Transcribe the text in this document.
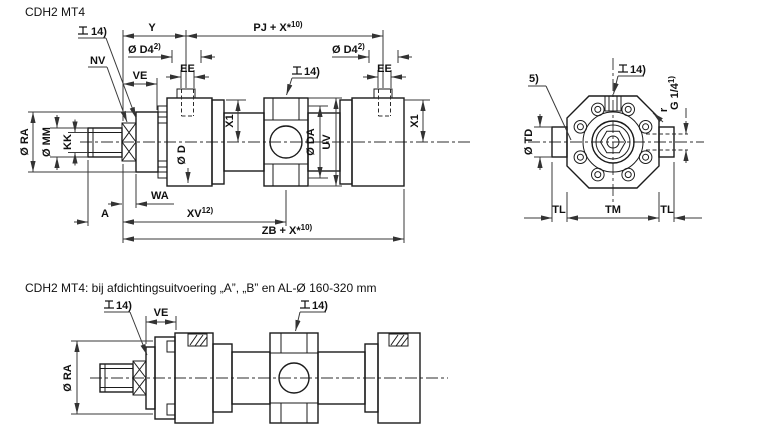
CDH2 MT4
CDH2 MT4: bij afdichtingsuitvoering „A”, „B” en AL-Ø 160-320 mm
Y	PJ + X*$^{10)}$
Ø D4$^{2)}$	Ø D4$^{2)}$
EE	EE
VE
14)
NV
14)
Ø RA Ø MM KK
Ø D
X1
Ø DA UV
X1
WA
A	XV$^{12)}$
ZB + X*$^{10)}$
Ø TD
5)
14)
r G 1/4$^{1)}$
TL	TM	TL
14)
VE
14)
Ø RA
